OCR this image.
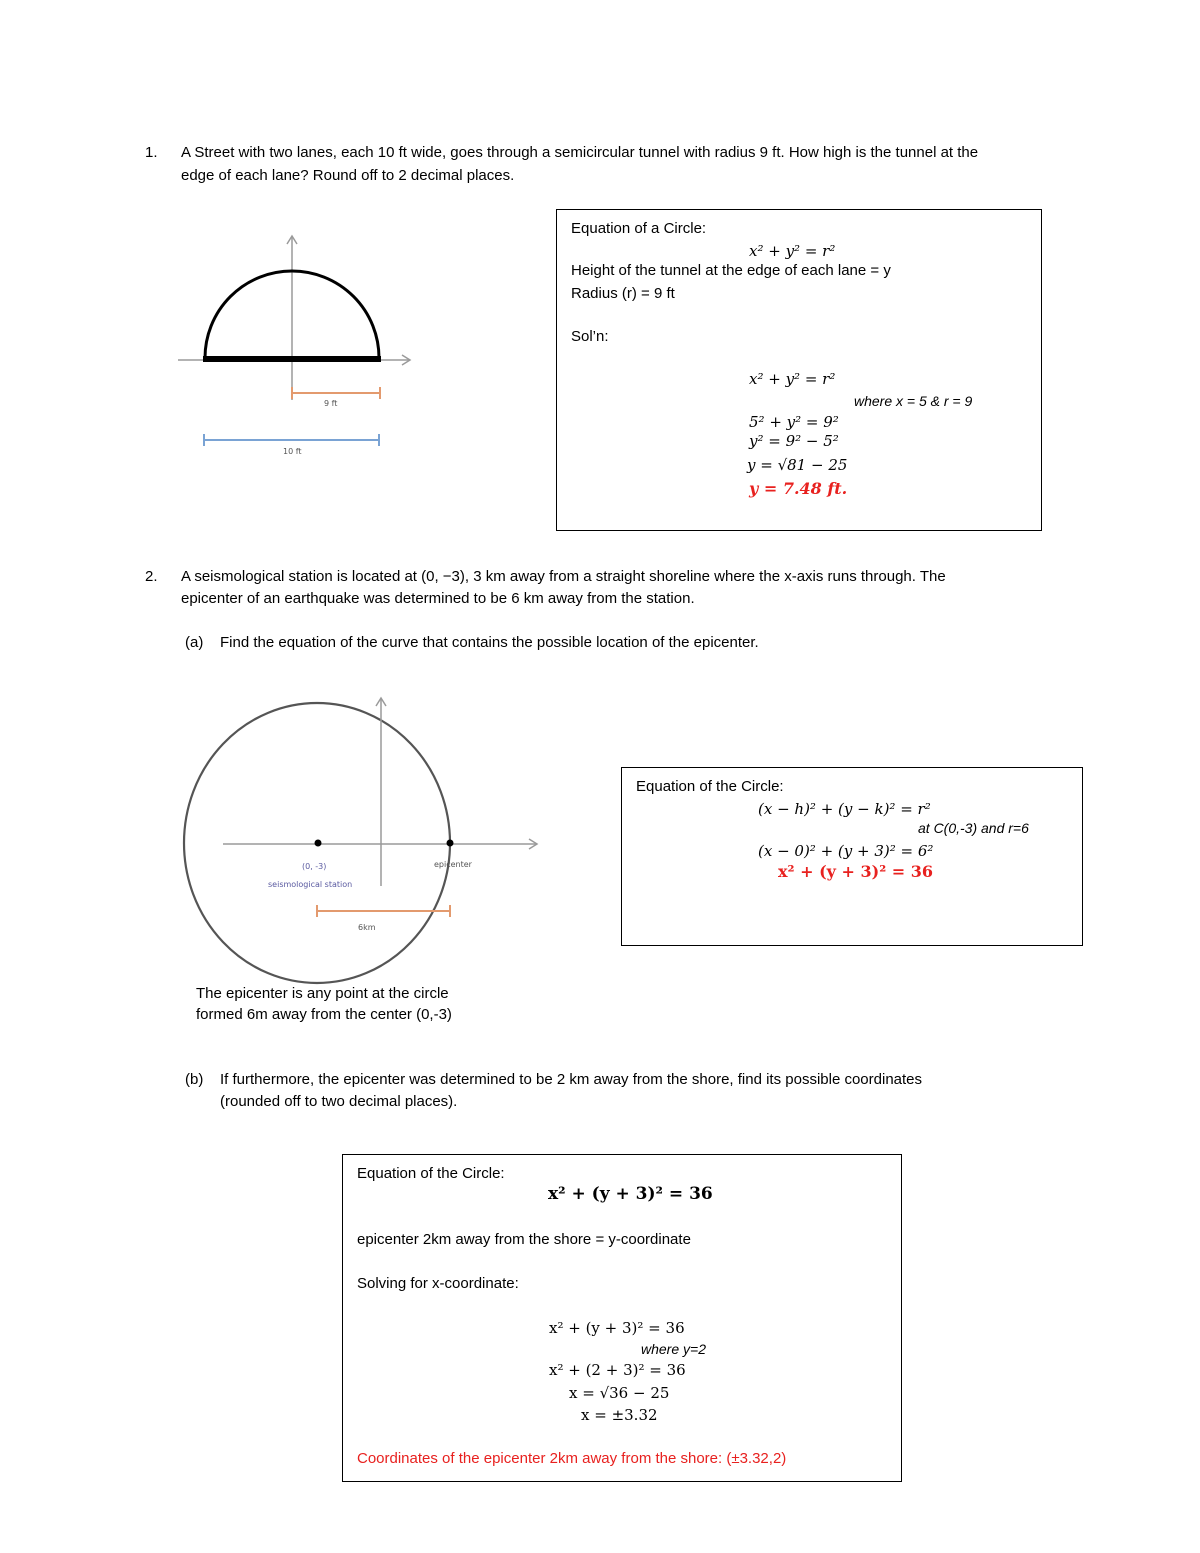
1. A Street with two lanes, each 10 ft wide, goes through a semicircular tunnel with radius 9 ft. How high is the tunnel at the
edge of each lane? Round off to 2 decimal places.
9 ft
10 ft
Equation of a Circle:
x² + y² = r²
Height of the tunnel at the edge of each lane = y
Radius (r) = 9 ft
Sol’n:
x² + y² = r²
where x = 5 & r = 9
5² + y² = 9²
y² = 9² − 5²
y = √81 − 25
y = 7.48 ft.
2. A seismological station is located at (0, −3), 3 km away from a straight shoreline where the x-axis runs through. The
epicenter of an earthquake was determined to be 6 km away from the station.
(a) Find the equation of the curve that contains the possible location of the epicenter.
(0, -3)
seismological station
epicenter
6km
The epicenter is any point at the circle
formed 6m away from the center (0,-3)
Equation of the Circle:
(x − h)² + (y − k)² = r²
at C(0,-3) and r=6
(x − 0)² + (y + 3)² = 6²
x² + (y + 3)² = 36
(b) If furthermore, the epicenter was determined to be 2 km away from the shore, find its possible coordinates
(rounded off to two decimal places).
Equation of the Circle:
x² + (y + 3)² = 36
epicenter 2km away from the shore = y-coordinate
Solving for x-coordinate:
x² + (y + 3)² = 36
where y=2
x² + (2 + 3)² = 36
x = √36 − 25
x = ±3.32
Coordinates of the epicenter 2km away from the shore: (±3.32,2)
